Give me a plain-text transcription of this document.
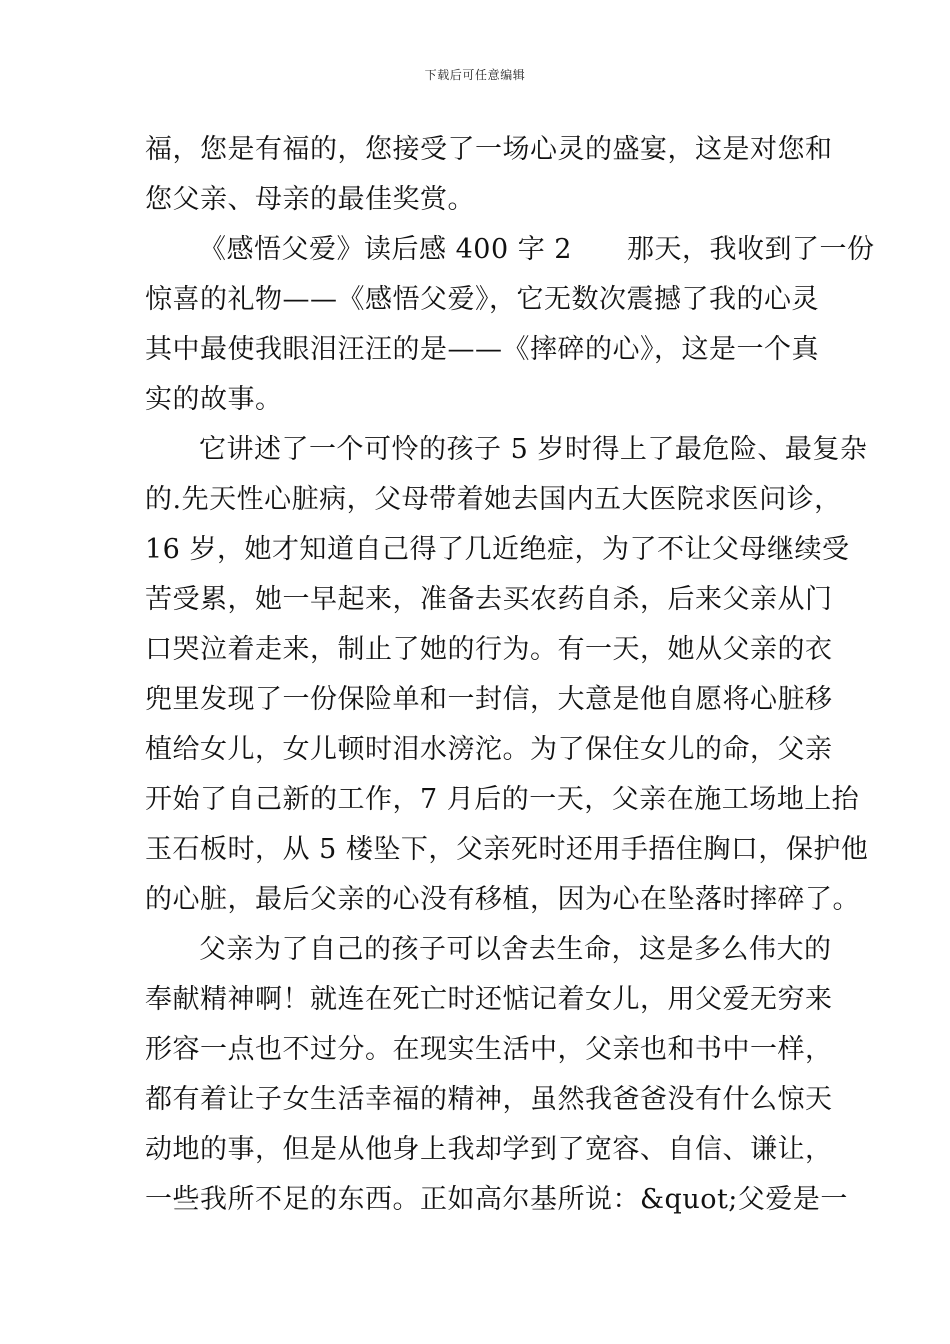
下载后可任意编辑
福，您是有福的，您接受了一场心灵的盛宴，这是对您和
您父亲、母亲的最佳奖赏。
《感悟父爱》读后感 400 字 2　　那天，我收到了一份
惊喜的礼物——《感悟父爱》，它无数次震撼了我的心灵
其中最使我眼泪汪汪的是——《摔碎的心》，这是一个真
实的故事。
它讲述了一个可怜的孩子 5 岁时得上了最危险、最复杂
的.先天性心脏病，父母带着她去国内五大医院求医问诊，
16 岁，她才知道自己得了几近绝症，为了不让父母继续受
苦受累，她一早起来，准备去买农药自杀，后来父亲从门
口哭泣着走来，制止了她的行为。有一天，她从父亲的衣
兜里发现了一份保险单和一封信，大意是他自愿将心脏移
植给女儿，女儿顿时泪水滂沱。为了保住女儿的命，父亲
开始了自己新的工作，7 月后的一天，父亲在施工场地上抬
玉石板时，从 5 楼坠下，父亲死时还用手捂住胸口，保护他
的心脏，最后父亲的心没有移植，因为心在坠落时摔碎了。
父亲为了自己的孩子可以舍去生命，这是多么伟大的
奉献精神啊！就连在死亡时还惦记着女儿，用父爱无穷来
形容一点也不过分。在现实生活中，父亲也和书中一样，
都有着让子女生活幸福的精神，虽然我爸爸没有什么惊天
动地的事，但是从他身上我却学到了宽容、自信、谦让，
一些我所不足的东西。正如高尔基所说：&quot;父爱是一
